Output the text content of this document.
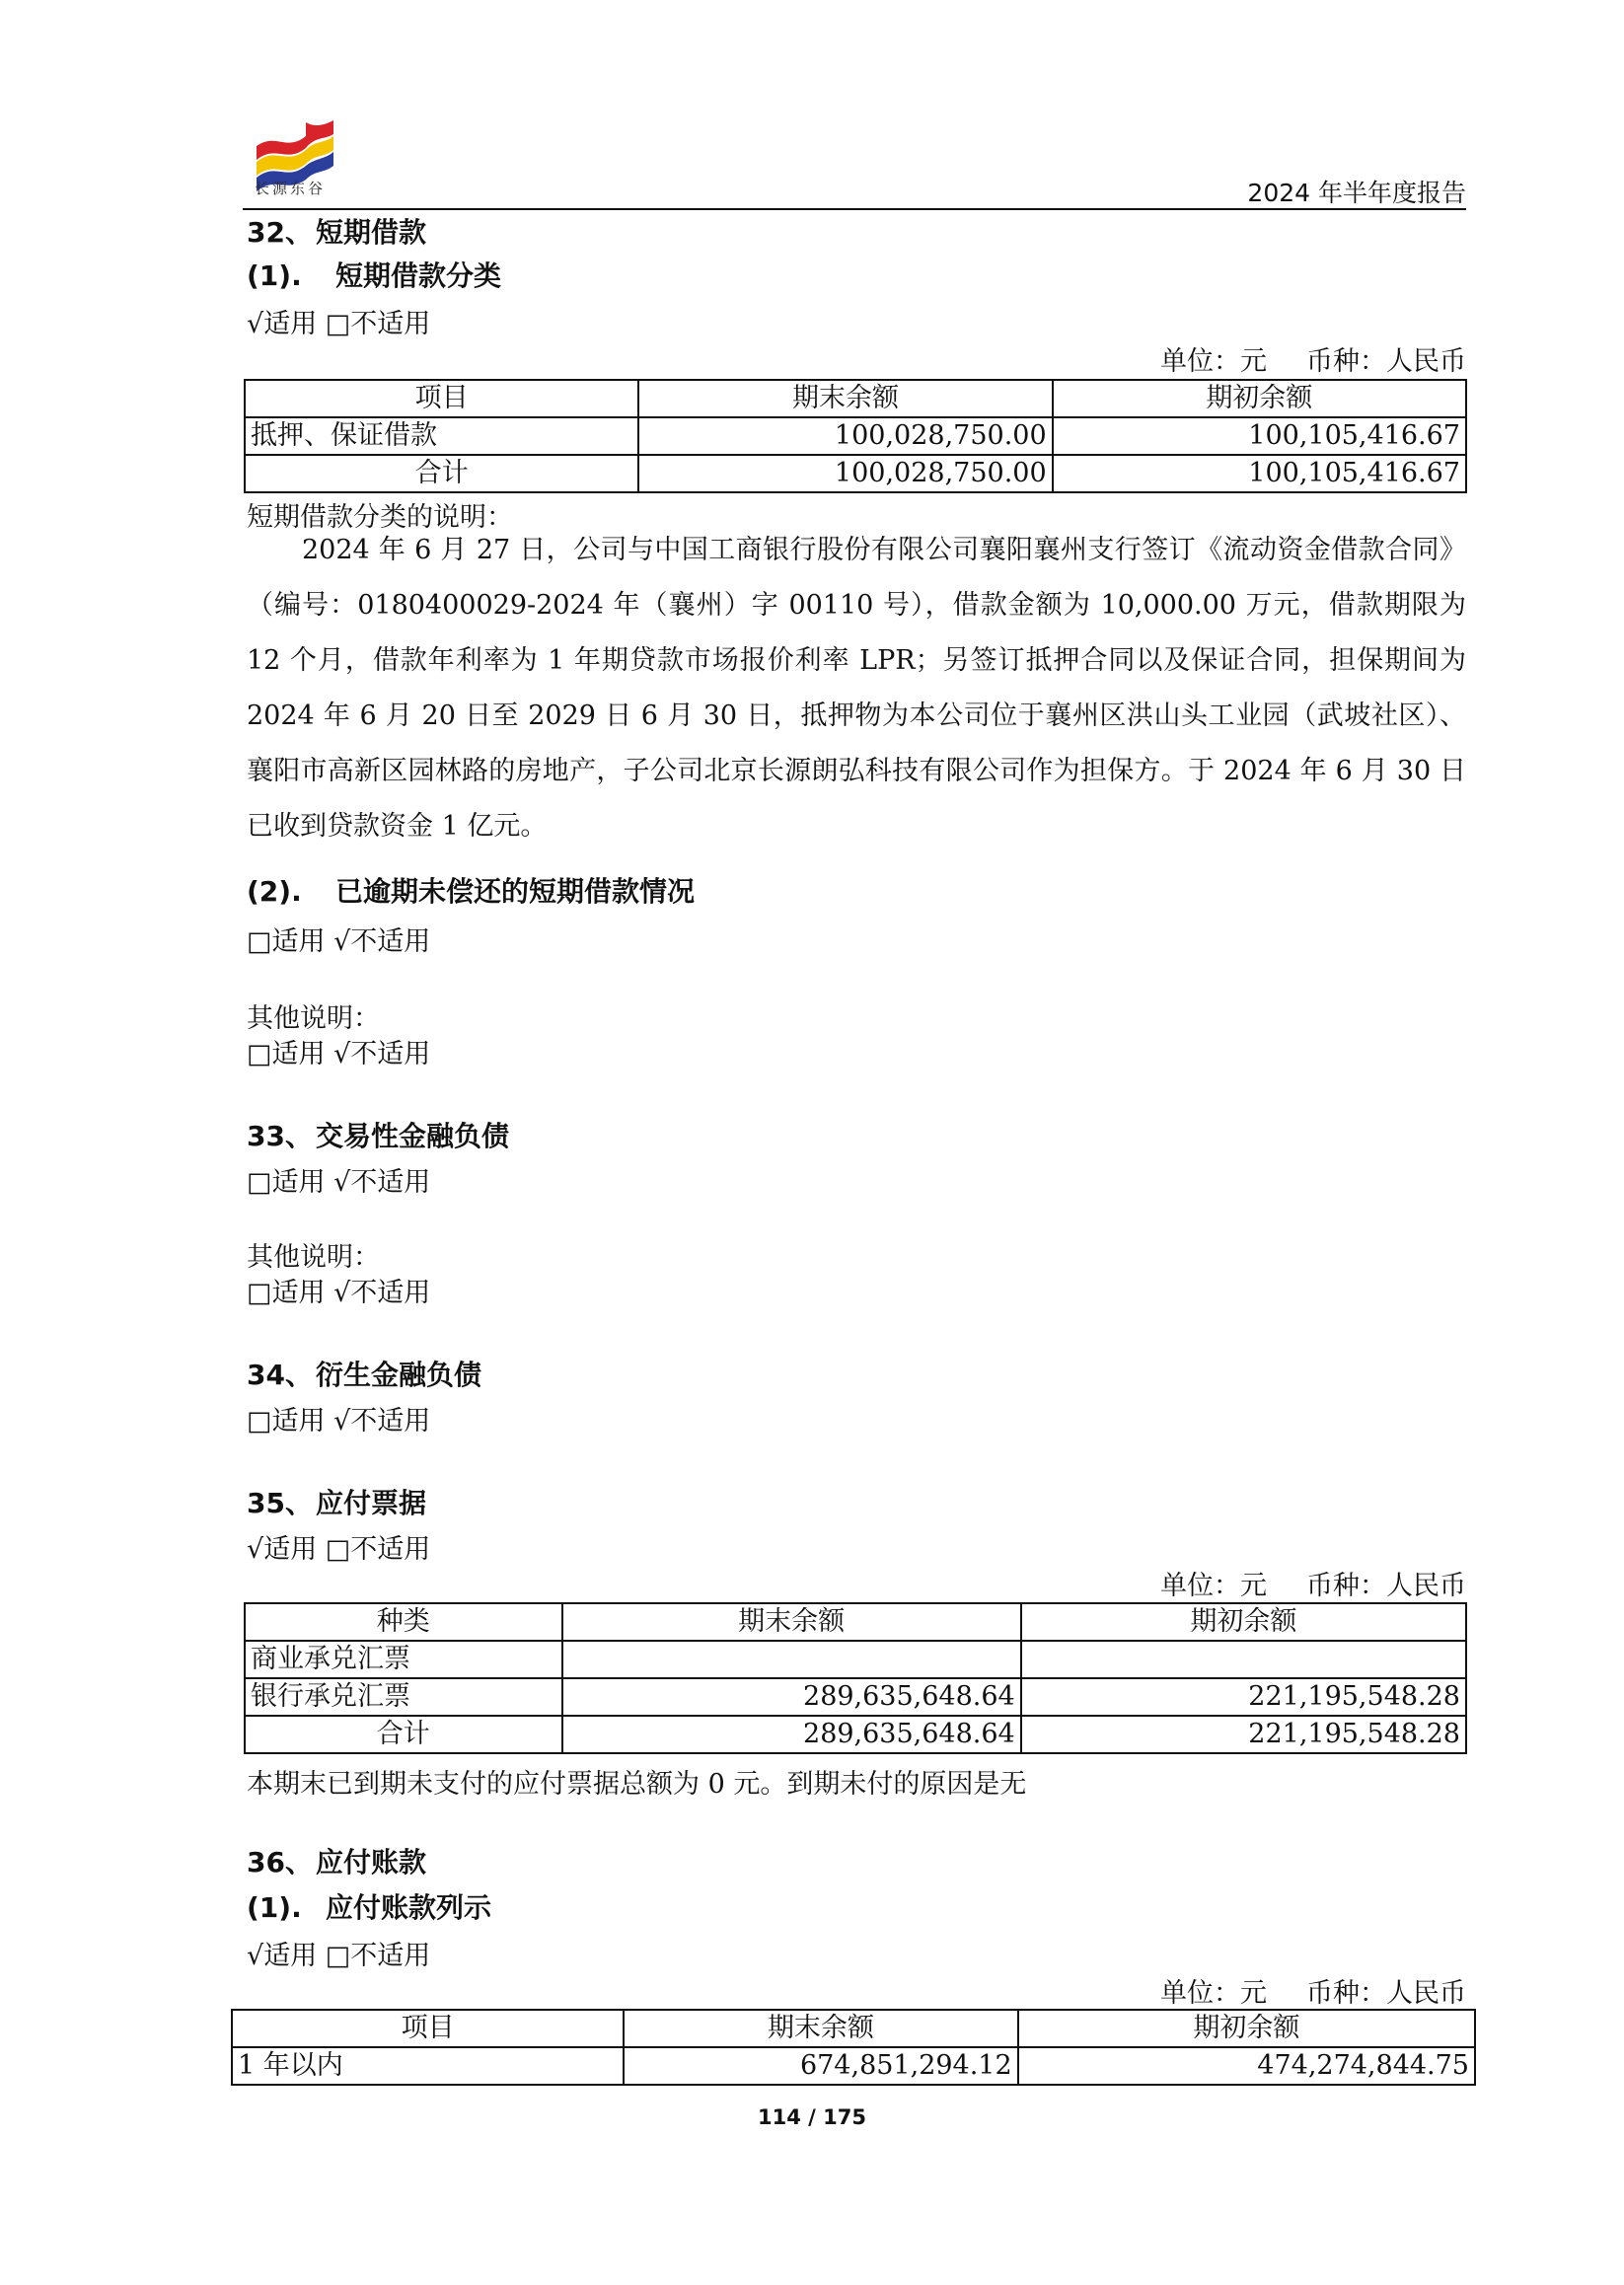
长源东谷	2024 年半年度报告
32、 短期借款
(1). 短期借款分类
√适用 □不适用
单位：元 币种：人民币
项目	期末余额	期初余额
抵押、保证借款	100,028,750.00	100,105,416.67
合计	100,028,750.00	100,105,416.67
短期借款分类的说明：
2024 年 6 月 27 日，公司与中国工商银行股份有限公司襄阳襄州支行签订《流动资金借款合同》（编号：0180400029-2024 年（襄州）字 00110 号），借款金额为 10,000.00 万元，借款期限为 12 个月，借款年利率为 1 年期贷款市场报价利率 LPR；另签订抵押合同以及保证合同，担保期间为 2024 年 6 月 20 日至 2029 日 6 月 30 日，抵押物为本公司位于襄州区洪山头工业园（武坡社区）、襄阳市高新区园林路的房地产，子公司北京长源朗弘科技有限公司作为担保方。于 2024 年 6 月 30 日已收到贷款资金 1 亿元。
(2). 已逾期未偿还的短期借款情况
□适用 √不适用
其他说明：
□适用 √不适用
33、 交易性金融负债
□适用 √不适用
其他说明：
□适用 √不适用
34、 衍生金融负债
□适用 √不适用
35、 应付票据
√适用 □不适用
单位：元 币种：人民币
种类	期末余额	期初余额
商业承兑汇票		
银行承兑汇票	289,635,648.64	221,195,548.28
合计	289,635,648.64	221,195,548.28
本期末已到期未支付的应付票据总额为 0 元。到期未付的原因是无
36、 应付账款
(1). 应付账款列示
√适用 □不适用
单位：元 币种：人民币
项目	期末余额	期初余额
1 年以内	674,851,294.12	474,274,844.75
114 / 175
